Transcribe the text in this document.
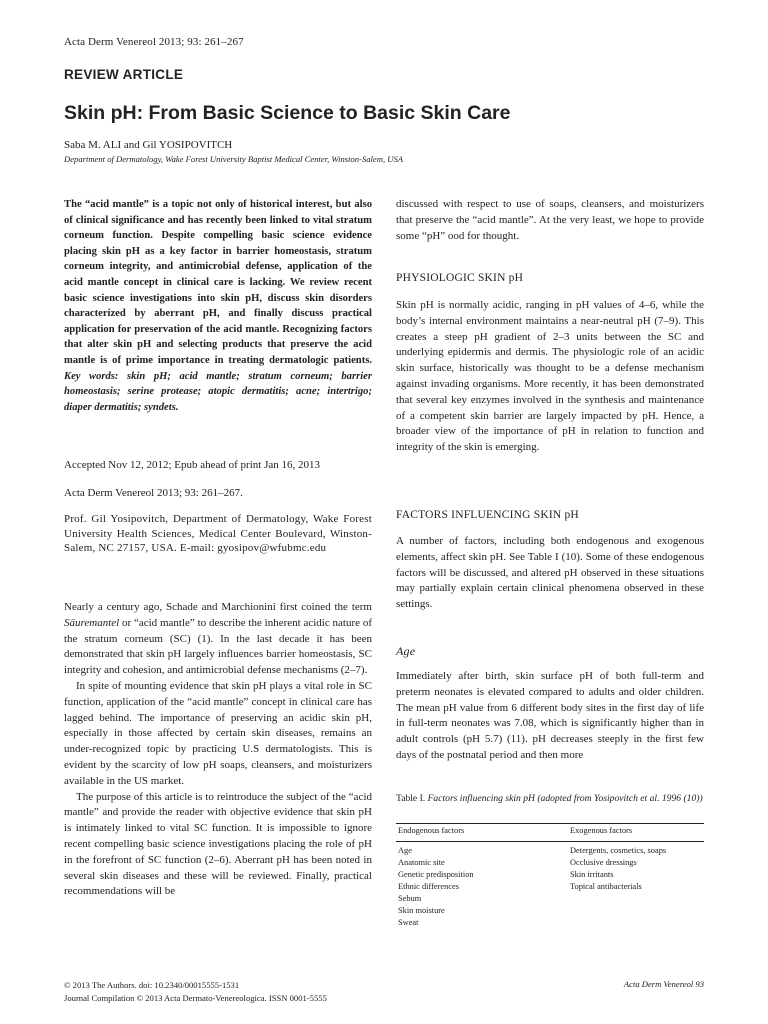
Acta Derm Venereol 2013; 93: 261–267
REVIEW ARTICLE
Skin pH: From Basic Science to Basic Skin Care
Saba M. ALI and Gil YOSIPOVITCH
Department of Dermatology, Wake Forest University Baptist Medical Center, Winston-Salem, USA

The “acid mantle” is a topic not only of historical interest, but also of clinical significance and has recently been linked to vital stratum corneum function. Despite compelling basic science evidence placing skin pH as a key factor in barrier homeostasis, stratum corneum integrity, and antimicrobial defense, application of the acid mantle concept in clinical care is lacking. We review recent basic science investigations into skin pH, discuss skin disorders characterized by aberrant pH, and finally discuss practical application for preservation of the acid mantle. Recognizing factors that alter skin pH and selecting products that preserve the acid mantle is of prime importance in treating dermatologic patients. Key words: skin pH; acid mantle; stratum corneum; barrier homeostasis; serine protease; atopic dermatitis; acne; intertrigo; diaper dermatitis; syndets.

Accepted Nov 12, 2012; Epub ahead of print Jan 16, 2013
Acta Derm Venereol 2013; 93: 261–267.
Prof. Gil Yosipovitch, Department of Dermatology, Wake Forest University Health Sciences, Medical Center Boulevard, Winston-Salem, NC 27157, USA. E-mail: gyosipov@wfubmc.edu

Nearly a century ago, Schade and Marchionini first coined the term Säuremantel or “acid mantle” to describe the inherent acidic nature of the stratum corneum (SC) (1). In the last decade it has been demonstrated that skin pH largely influences barrier homeostasis, SC integrity and cohesion, and antimicrobial defense mechanisms (2–7).

In spite of mounting evidence that skin pH plays a vital role in SC function, application of the “acid mantle” concept in clinical care has lagged behind. The importance of preserving an acidic skin pH, especially in those affected by certain skin diseases, remains an under-recognized topic by practicing U.S dermatologists. This is evident by the scarcity of low pH soaps, cleansers, and moisturizers available in the US market.

The purpose of this article is to reintroduce the subject of the “acid mantle” and provide the reader with objective evidence that skin pH is intimately linked to vital SC function. It is impossible to ignore recent compelling basic science investigations placing the role of pH in the forefront of SC function (2–6). Aberrant pH has been noted in several skin diseases and these will be reviewed. Finally, practical recommendations will be

discussed with respect to use of soaps, cleansers, and moisturizers that preserve the “acid mantle”. At the very least, we hope to provide some “pH” ood for thought.
PHYSIOLOGIC SKIN pH
Skin pH is normally acidic, ranging in pH values of 4–6, while the body’s internal environment maintains a near-neutral pH (7–9). This creates a steep pH gradient of 2–3 units between the SC and underlying epidermis and dermis. The physiologic role of an acidic skin surface, historically was thought to be a defense mechanism against invading organisms. More recently, it has been demonstrated that several key enzymes involved in the synthesis and maintenance of a competent skin barrier are largely impacted by pH. Hence, a broader view of the importance of pH in relation to function and integrity of the skin is emerging.
FACTORS INFLUENCING SKIN pH
A number of factors, including both endogenous and exogenous elements, affect skin pH. See Table I (10). Some of these endogenous factors will be discussed, and altered pH observed in these situations may partially explain certain clinical phenomena observed in these settings.
Age
Immediately after birth, skin surface pH of both full-term and preterm neonates is elevated compared to adults and older children. The mean pH value from 6 different body sites in the first day of life in full-term neonates was 7.08, which is significantly higher than in adult controls (pH 5.7) (11). pH decreases steeply in the first few days of the postnatal period and then more
Table I. Factors influencing skin pH (adopted from Yosipovitch et al. 1996 (10))
Endogenous factors	Exogenous factors
Age
Anatomic site
Genetic predisposition
Ethnic differences
Sebum
Skin moisture
Sweat
Detergents, cosmetics, soaps
Occlusive dressings
Skin irritants
Topical antibacterials
© 2013 The Authors. doi: 10.2340/00015555-1531
Journal Compilation © 2013 Acta Dermato-Venereologica. ISSN 0001-5555
Acta Derm Venereol 93
